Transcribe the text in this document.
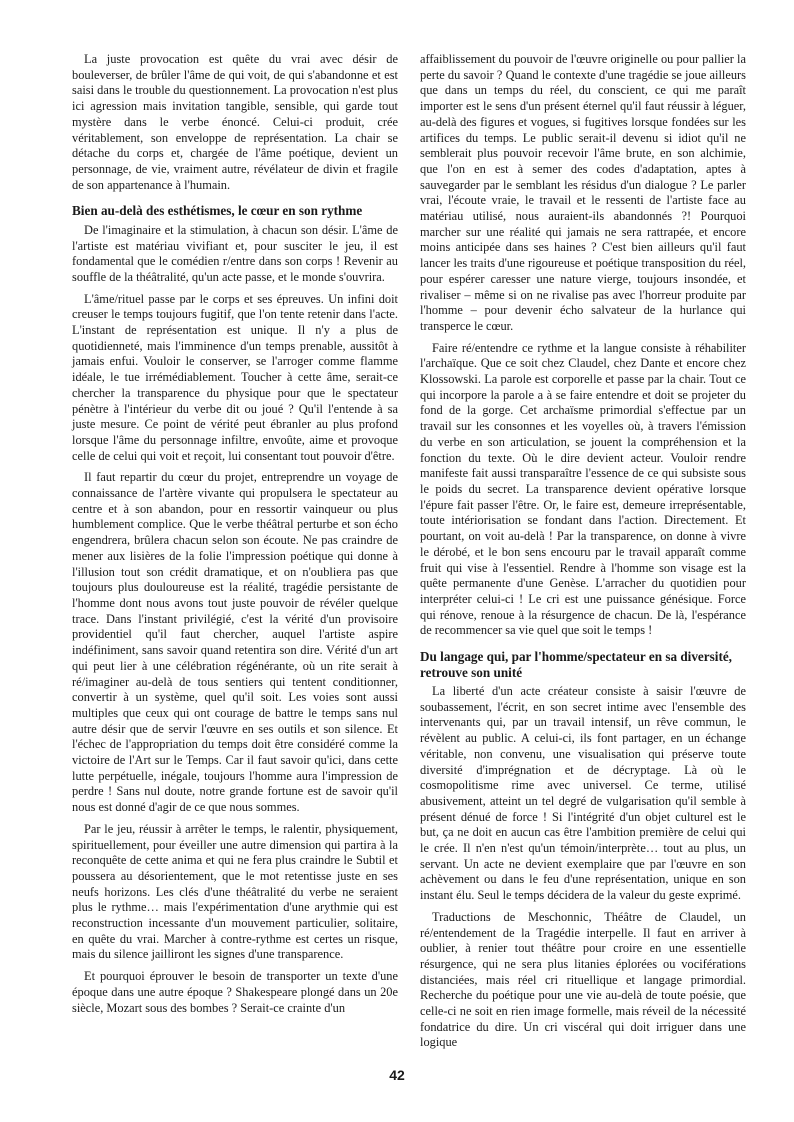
La juste provocation est quête du vrai avec désir de bouleverser, de brûler l'âme de qui voit, de qui s'abandonne et est saisi dans le trouble du questionnement. La provocation n'est plus ici agression mais invitation tangible, sensible, qui garde tout mystère dans le verbe énoncé. Celui-ci produit, crée véritablement, son enveloppe de représentation. La chair se détache du corps et, chargée de l'âme poétique, devient un personnage, de vie, vraiment autre, révélateur de divin et fragile de son appartenance à l'humain.

Bien au-delà des esthétismes, le cœur en son rythme

De l'imaginaire et la stimulation, à chacun son désir. L'âme de l'artiste est matériau vivifiant et, pour susciter le jeu, il est fondamental que le comédien r/entre dans son corps ! Revenir au souffle de la théâtralité, qu'un acte passe, et le monde s'ouvrira.

L'âme/rituel passe par le corps et ses épreuves. Un infini doit creuser le temps toujours fugitif, que l'on tente retenir dans l'acte. L'instant de représentation est unique. Il n'y a plus de quotidienneté, mais l'imminence d'un temps prenable, aussitôt à jamais enfui. Vouloir le conserver, se l'arroger comme flamme idéale, le tue irrémédiablement. Toucher à cette âme, serait-ce chercher la transparence du physique pour que le spectateur pénètre à l'intérieur du verbe dit ou joué ? Qu'il l'entende à sa juste mesure. Ce point de vérité peut ébranler au plus profond lorsque l'âme du personnage infiltre, envoûte, aime et provoque celle de celui qui voit et reçoit, lui consentant tout pouvoir d'être.

Il faut repartir du cœur du projet, entreprendre un voyage de connaissance de l'artère vivante qui propulsera le spectateur au centre et à son abandon, pour en ressortir vainqueur ou plus humblement complice. Que le verbe théâtral perturbe et son écho engendrera, brûlera chacun selon son écoute. Ne pas craindre de mener aux lisières de la folie l'impression poétique qui donne à l'illusion tout son crédit dramatique, et on n'oubliera pas que toujours plus douloureuse est la réalité, tragédie persistante de l'homme dont nous avons tout juste pouvoir de révéler quelque trace. Dans l'instant privilégié, c'est la vérité d'un provisoire providentiel qu'il faut chercher, auquel l'artiste aspire indéfiniment, sans savoir quand retentira son dire. Vérité d'un art qui peut lier à une célébration régénérante, où un rite serait à ré/imaginer au-delà de tous sentiers qui tentent conditionner, convertir à un système, quel qu'il soit. Les voies sont aussi multiples que ceux qui ont courage de battre le temps sans nul autre désir que de servir l'œuvre en ses outils et son silence. Et l'échec de l'appropriation du temps doit être considéré comme la victoire de l'Art sur le Temps. Car il faut savoir qu'ici, dans cette lutte perpétuelle, inégale, toujours l'homme aura l'impression de perdre ! Sans nul doute, notre grande fortune est de savoir qu'il nous est donné d'agir de ce que nous sommes.

Par le jeu, réussir à arrêter le temps, le ralentir, physiquement, spirituellement, pour éveiller une autre dimension qui partira à la reconquête de cette anima et qui ne fera plus craindre le Subtil et poussera au désorientement, que le mot retentisse juste en ses neufs horizons. Les clés d'une théâtralité du verbe ne seraient plus le rythme… mais l'expérimentation d'une arythmie qui est reconstruction incessante d'un mouvement particulier, solitaire, en quête du vrai. Marcher à contre-rythme est certes un risque, mais du silence jailliront les signes d'une transparence.

Et pourquoi éprouver le besoin de transporter un texte d'une époque dans une autre époque ? Shakespeare plongé dans un 20e siècle, Mozart sous des bombes ? Serait-ce crainte d'un

affaiblissement du pouvoir de l'œuvre originelle ou pour pallier la perte du savoir ? Quand le contexte d'une tragédie se joue ailleurs que dans un temps du réel, du conscient, ce qui me paraît importer est le sens d'un présent éternel qu'il faut réussir à léguer, au-delà des figures et vogues, si fugitives lorsque fondées sur les artifices du temps. Le public serait-il devenu si idiot qu'il ne semblerait plus pouvoir recevoir l'âme brute, en son alchimie, que l'on en est à semer des codes d'adaptation, aptes à sauvegarder par le semblant les résidus d'un dialogue ? Le parler vrai, l'écoute vraie, le travail et le ressenti de l'artiste face au matériau utilisé, nous auraient-ils abandonnés ?! Pourquoi marcher sur une réalité qui jamais ne sera rattrapée, et encore moins anticipée dans ses haines ? C'est bien ailleurs qu'il faut lancer les traits d'une rigoureuse et poétique transposition du réel, pour espérer caresser une nature vierge, toujours insondée, et rivaliser – même si on ne rivalise pas avec l'horreur produite par l'homme – pour devenir écho salvateur de la hurlance qui transperce le cœur.

Faire ré/entendre ce rythme et la langue consiste à réhabiliter l'archaïque. Que ce soit chez Claudel, chez Dante et encore chez Klossowski. La parole est corporelle et passe par la chair. Tout ce qui incorpore la parole a à se faire entendre et doit se projeter du fond de la gorge. Cet archaïsme primordial s'effectue par un travail sur les consonnes et les voyelles où, à travers l'émission du verbe en son articulation, se jouent la compréhension et la fonction du texte. Où le dire devient acteur. Vouloir rendre manifeste fait aussi transparaître l'essence de ce qui subsiste sous le poids du secret. La transparence devient opérative lorsque l'épure fait passer l'être. Or, le faire est, demeure irreprésentable, toute intériorisation se fondant dans l'action. Directement. Et pourtant, on voit au-delà ! Par la transparence, on donne à vivre le dérobé, et le bon sens encouru par le travail apparaît comme fruit qui vise à l'essentiel. Rendre à l'homme son visage est la quête permanente d'une Genèse. L'arracher du quotidien pour interpréter celui-ci ! Le cri est une puissance génésique. Force qui rénove, renoue à la résurgence de chacun. De là, l'espérance de recommencer sa vie quel que soit le temps !

Du langage qui, par l'homme/spectateur en sa diversité, retrouve son unité

La liberté d'un acte créateur consiste à saisir l'œuvre de soubassement, l'écrit, en son secret intime avec l'ensemble des intervenants qui, par un travail intensif, un rêve commun, le révèlent au public. A celui-ci, ils font partager, en un échange véritable, non convenu, une visualisation qui préserve toute diversité d'imprégnation et de décryptage. Là où le cosmopolitisme rime avec universel. Ce terme, utilisé abusivement, atteint un tel degré de vulgarisation qu'il semble à présent dénué de force ! Si l'intégrité d'un objet culturel est le but, ça ne doit en aucun cas être l'ambition première de celui qui le crée. Il n'en n'est qu'un témoin/interprète… tout au plus, un servant. Un acte ne devient exemplaire que par l'œuvre en son achèvement ou dans le feu d'une représentation, unique en son instant élu. Seul le temps décidera de la valeur du geste exprimé.

Traductions de Meschonnic, Théâtre de Claudel, un ré/entendement de la Tragédie interpelle. Il faut en arriver à oublier, à renier tout théâtre pour croire en une essentielle résurgence, qui ne sera plus litanies éplorées ou vociférations distanciées, mais réel cri rituellique et langage primordial. Recherche du poétique pour une vie au-delà de toute poésie, que celle-ci ne soit en rien image formelle, mais réveil de la nécessité fondatrice du dire. Un cri viscéral qui doit irriguer dans une logique

42
